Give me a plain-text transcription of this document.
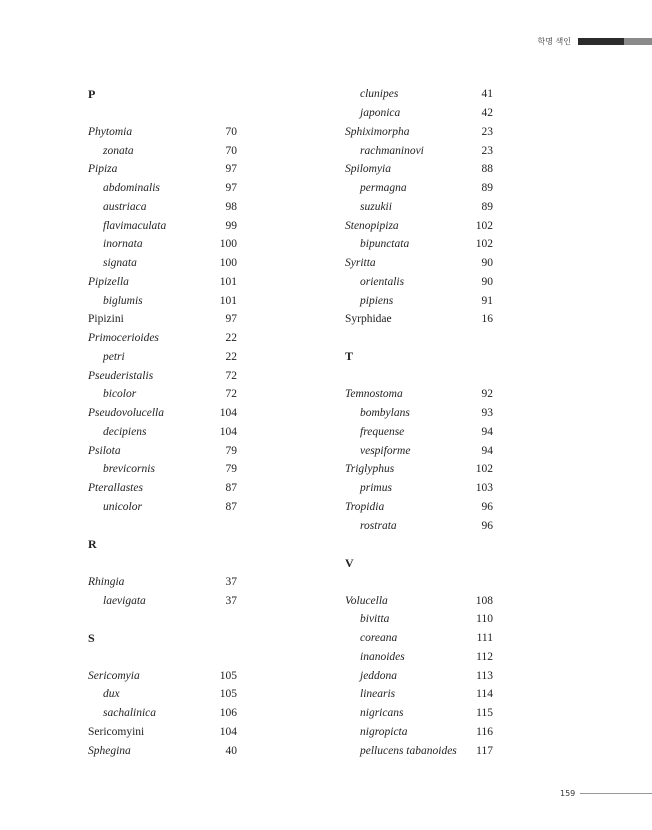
학명 색인
P
Phytomia	70
zonata	70
Pipiza	97
abdominalis	97
austriaca	98
flavimaculata	99
inornata	100
signata	100
Pipizella	101
biglumis	101
Pipizini	97
Primocerioides	22
petri	22
Pseuderistalis	72
bicolor	72
Pseudovolucella	104
decipiens	104
Psilota	79
brevicornis	79
Pterallastes	87
unicolor	87
R
Rhingia	37
laevigata	37
S
Sericomyia	105
dux	105
sachalinica	106
Sericomyini	104
Sphegina	40
clunipes	41
japonica	42
Sphiximorpha	23
rachmaninovi	23
Spilomyia	88
permagna	89
suzukii	89
Stenopipiza	102
bipunctata	102
Syritta	90
orientalis	90
pipiens	91
Syrphidae	16
T
Temnostoma	92
bombylans	93
frequense	94
vespiforme	94
Triglyphus	102
primus	103
Tropidia	96
rostrata	96
V
Volucella	108
bivitta	110
coreana	111
inanoides	112
jeddona	113
linearis	114
nigricans	115
nigropicta	116
pellucens tabanoides 117
159
